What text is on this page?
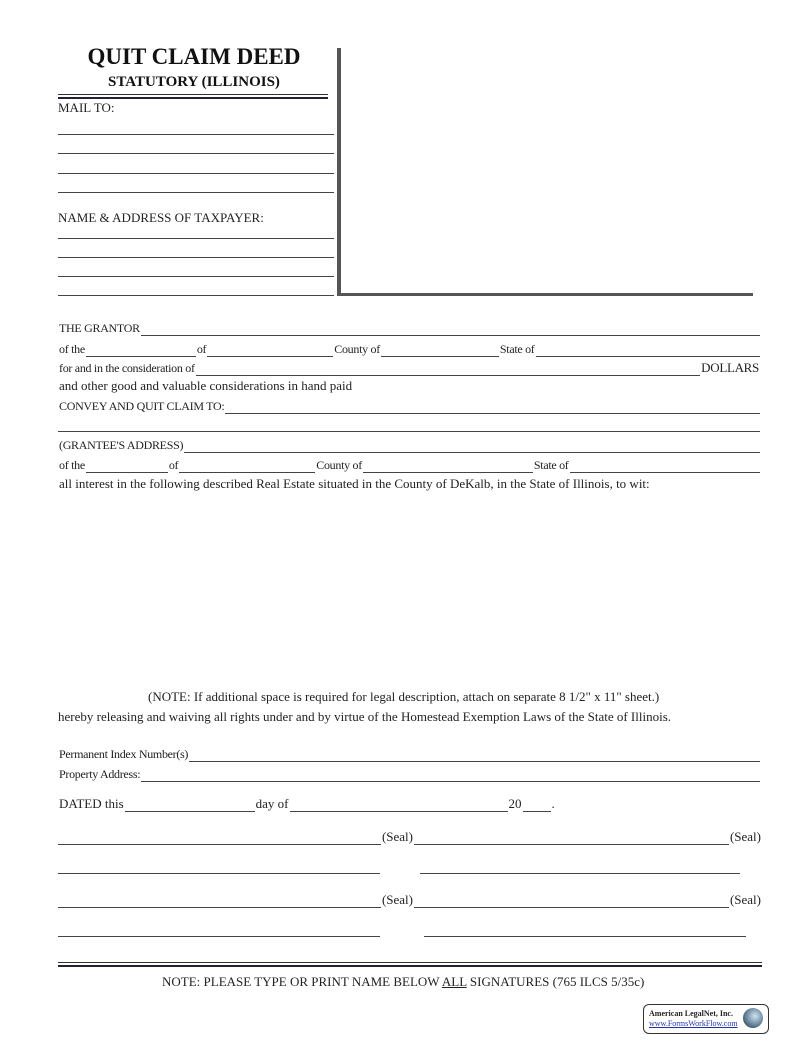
QUIT CLAIM DEED
STATUTORY (ILLINOIS)
MAIL TO:
NAME & ADDRESS OF TAXPAYER:
THE GRANTOR
of the	of	County of	State of
for and in the consideration of	DOLLARS
and other good and valuable considerations in hand paid
CONVEY AND QUIT CLAIM TO:
(GRANTEE'S ADDRESS)
of the	of	County of	State of
all interest in the following described Real Estate situated in the County of DeKalb, in the State of Illinois, to wit:
(NOTE: If additional space is required for legal description, attach on separate 8 1/2" x 11" sheet.)
hereby releasing and waiving all rights under and by virtue of the Homestead Exemption Laws of the State of Illinois.
Permanent Index Number(s)
Property Address:
DATED this	day of	20 .
(Seal)	(Seal)
(Seal)	(Seal)
NOTE: PLEASE TYPE OR PRINT NAME BELOW ALL SIGNATURES (765 ILCS 5/35c)
American LegalNet, Inc.
www.FormsWorkFlow.com
